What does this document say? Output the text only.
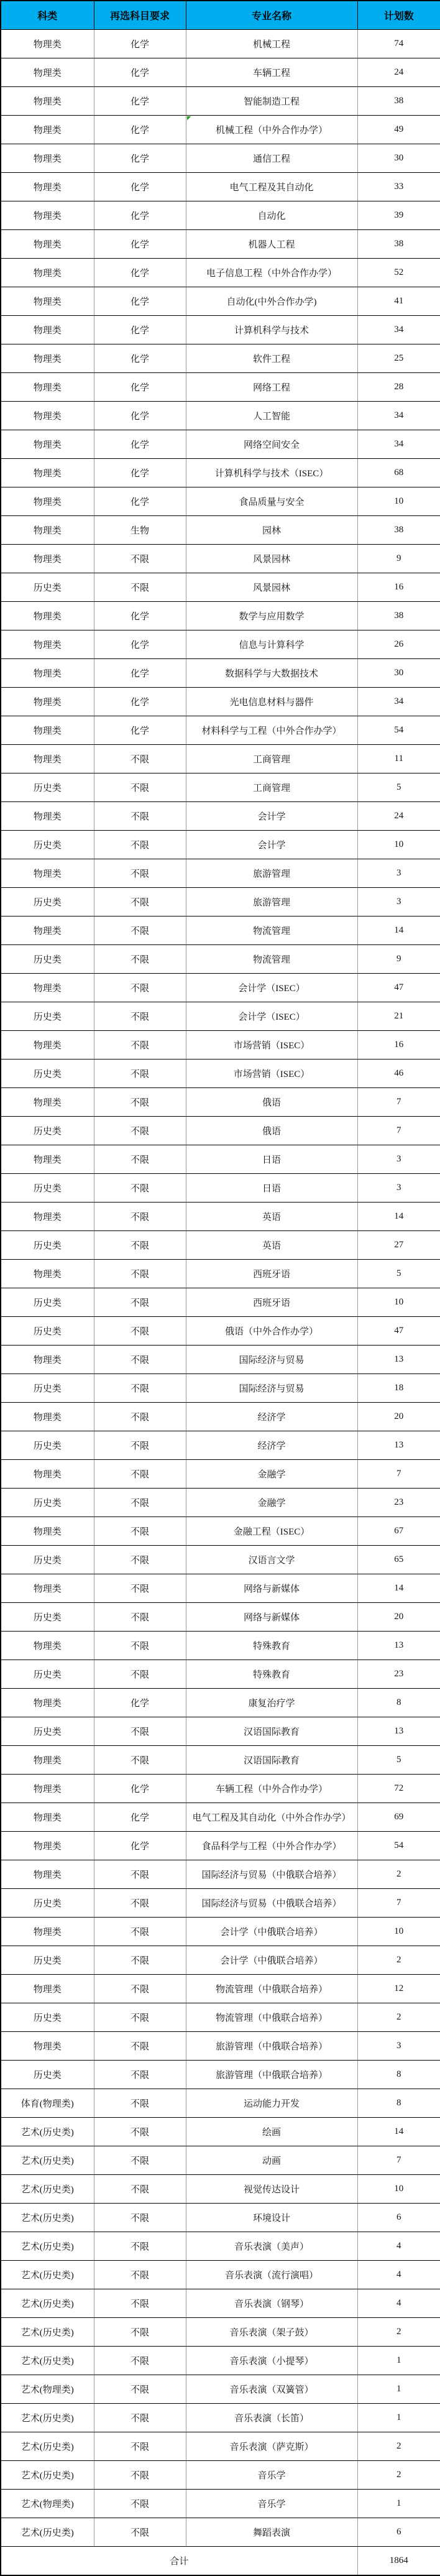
科类	再选科目要求	专业名称	计划数
物理类	化学	机械工程	74
物理类	化学	车辆工程	24
物理类	化学	智能制造工程	38
物理类	化学	机械工程（中外合作办学）	49
物理类	化学	通信工程	30
物理类	化学	电气工程及其自动化	33
物理类	化学	自动化	39
物理类	化学	机器人工程	38
物理类	化学	电子信息工程（中外合作办学）	52
物理类	化学	自动化(中外合作办学)	41
物理类	化学	计算机科学与技术	34
物理类	化学	软件工程	25
物理类	化学	网络工程	28
物理类	化学	人工智能	34
物理类	化学	网络空间安全	34
物理类	化学	计算机科学与技术（ISEC）	68
物理类	化学	食品质量与安全	10
物理类	生物	园林	38
物理类	不限	风景园林	9
历史类	不限	风景园林	16
物理类	化学	数学与应用数学	38
物理类	化学	信息与计算科学	26
物理类	化学	数据科学与大数据技术	30
物理类	化学	光电信息材料与器件	34
物理类	化学	材料科学与工程（中外合作办学）	54
物理类	不限	工商管理	11
历史类	不限	工商管理	5
物理类	不限	会计学	24
历史类	不限	会计学	10
物理类	不限	旅游管理	3
历史类	不限	旅游管理	3
物理类	不限	物流管理	14
历史类	不限	物流管理	9
物理类	不限	会计学（ISEC）	47
历史类	不限	会计学（ISEC）	21
物理类	不限	市场营销（ISEC）	16
历史类	不限	市场营销（ISEC）	46
物理类	不限	俄语	7
历史类	不限	俄语	7
物理类	不限	日语	3
历史类	不限	日语	3
物理类	不限	英语	14
历史类	不限	英语	27
物理类	不限	西班牙语	5
历史类	不限	西班牙语	10
历史类	不限	俄语（中外合作办学）	47
物理类	不限	国际经济与贸易	13
历史类	不限	国际经济与贸易	18
物理类	不限	经济学	20
历史类	不限	经济学	13
物理类	不限	金融学	7
历史类	不限	金融学	23
物理类	不限	金融工程（ISEC）	67
历史类	不限	汉语言文学	65
物理类	不限	网络与新媒体	14
历史类	不限	网络与新媒体	20
物理类	不限	特殊教育	13
历史类	不限	特殊教育	23
物理类	化学	康复治疗学	8
历史类	不限	汉语国际教育	13
物理类	不限	汉语国际教育	5
物理类	化学	车辆工程（中外合作办学）	72
物理类	化学	电气工程及其自动化（中外合作办学）	69
物理类	化学	食品科学与工程（中外合作办学）	54
物理类	不限	国际经济与贸易（中俄联合培养）	2
历史类	不限	国际经济与贸易（中俄联合培养）	7
物理类	不限	会计学（中俄联合培养）	10
历史类	不限	会计学（中俄联合培养）	2
物理类	不限	物流管理（中俄联合培养）	12
历史类	不限	物流管理（中俄联合培养）	2
物理类	不限	旅游管理（中俄联合培养）	3
历史类	不限	旅游管理（中俄联合培养）	8
体育(物理类)	不限	运动能力开发	8
艺术(历史类)	不限	绘画	14
艺术(历史类)	不限	动画	7
艺术(历史类)	不限	视觉传达设计	10
艺术(历史类)	不限	环境设计	6
艺术(历史类)	不限	音乐表演（美声）	4
艺术(历史类)	不限	音乐表演（流行演唱）	4
艺术(历史类)	不限	音乐表演（钢琴）	4
艺术(历史类)	不限	音乐表演（架子鼓）	2
艺术(历史类)	不限	音乐表演（小提琴）	1
艺术(物理类)	不限	音乐表演（双簧管）	1
艺术(历史类)	不限	音乐表演（长笛）	1
艺术(历史类)	不限	音乐表演（萨克斯）	2
艺术(历史类)	不限	音乐学	2
艺术(物理类)	不限	音乐学	1
艺术(历史类)	不限	舞蹈表演	6
合计			1864
